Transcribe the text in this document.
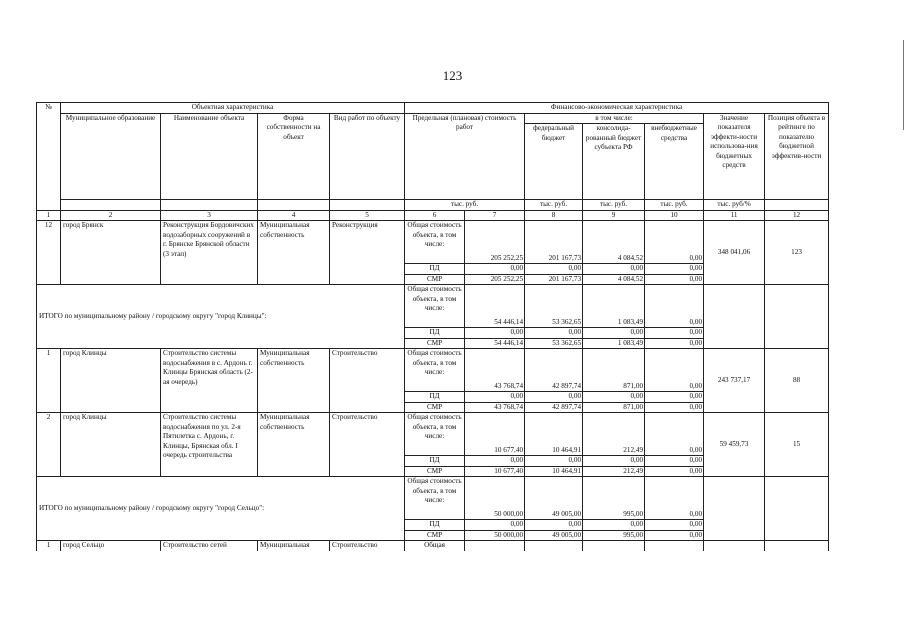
123
№	Объектная характеристика				Финансово-экономическая характеристика						
	Муниципальное образование	Наименование объекта	Форма собственности на объект	Вид работ по объекту	Предельная (плановая) стоимость работ		в том числе:			Значение показателя эффекти-ности использова-ния бюджетных средств	Позиция объекта в рейтинге по показателю бюджетной эффектив-ности
							федеральный бюджет	консолида-рованный бюджет субъекта РФ	внебюджетные средства		
					тыс. руб.		тыс. руб.	тыс. руб.	тыс. руб.	тыс. руб/%	
1	2	3	4	5	6	7	8	9	10	11	12
12	город Брянск	Реконструкция Бордовичских водозаборных сооружений в г. Брянске Брянской области (3 этап)	Муниципальная собственность	Реконструкция	Общая стоимость объекта, в том числе:	205 252,25	201 167,73	4 084,52	0,00	348 041,06	123
					ПД	0,00	0,00	0,00	0,00		
					СМР	205 252,25	201 167,73	4 084,52	0,00		
ИТОГО по муниципальному району / городскому округу "город Клинцы":					Общая стоимость объекта, в том числе:	54 446,14	53 362,65	1 083,49	0,00		
					ПД	0,00	0,00	0,00	0,00		
					СМР	54 446,14	53 362,65	1 083,49	0,00		
1	город Клинцы	Строительство системы водоснабжения в с. Ардонь г. Клинцы Брянская область (2-ая очередь)	Муниципальная собственность	Строительство	Общая стоимость объекта, в том числе:	43 768,74	42 897,74	871,00	0,00	243 737,17	88
					ПД	0,00	0,00	0,00	0,00		
					СМР	43 768,74	42 897,74	871,00	0,00		
2	город Клинцы	Строительство системы водоснабжения по ул. 2-я Пятилетка с. Ардонь, г. Клинцы, Брянская обл. I очередь строительства	Муниципальная собственность	Строительство	Общая стоимость объекта, в том числе:	10 677,40	10 464,91	212,49	0,00	59 459,73	15
					ПД	0,00	0,00	0,00	0,00		
					СМР	10 677,40	10 464,91	212,49	0,00		
ИТОГО по муниципальному району / городскому округу "город Сельцо":					Общая стоимость объекта, в том числе:	50 000,00	49 005,00	995,00	0,00		
					ПД	0,00	0,00	0,00	0,00		
					СМР	50 000,00	49 005,00	995,00	0,00		
1	город Сельцо	Строительство сетей	Муниципальная	Строительство	Общая						
